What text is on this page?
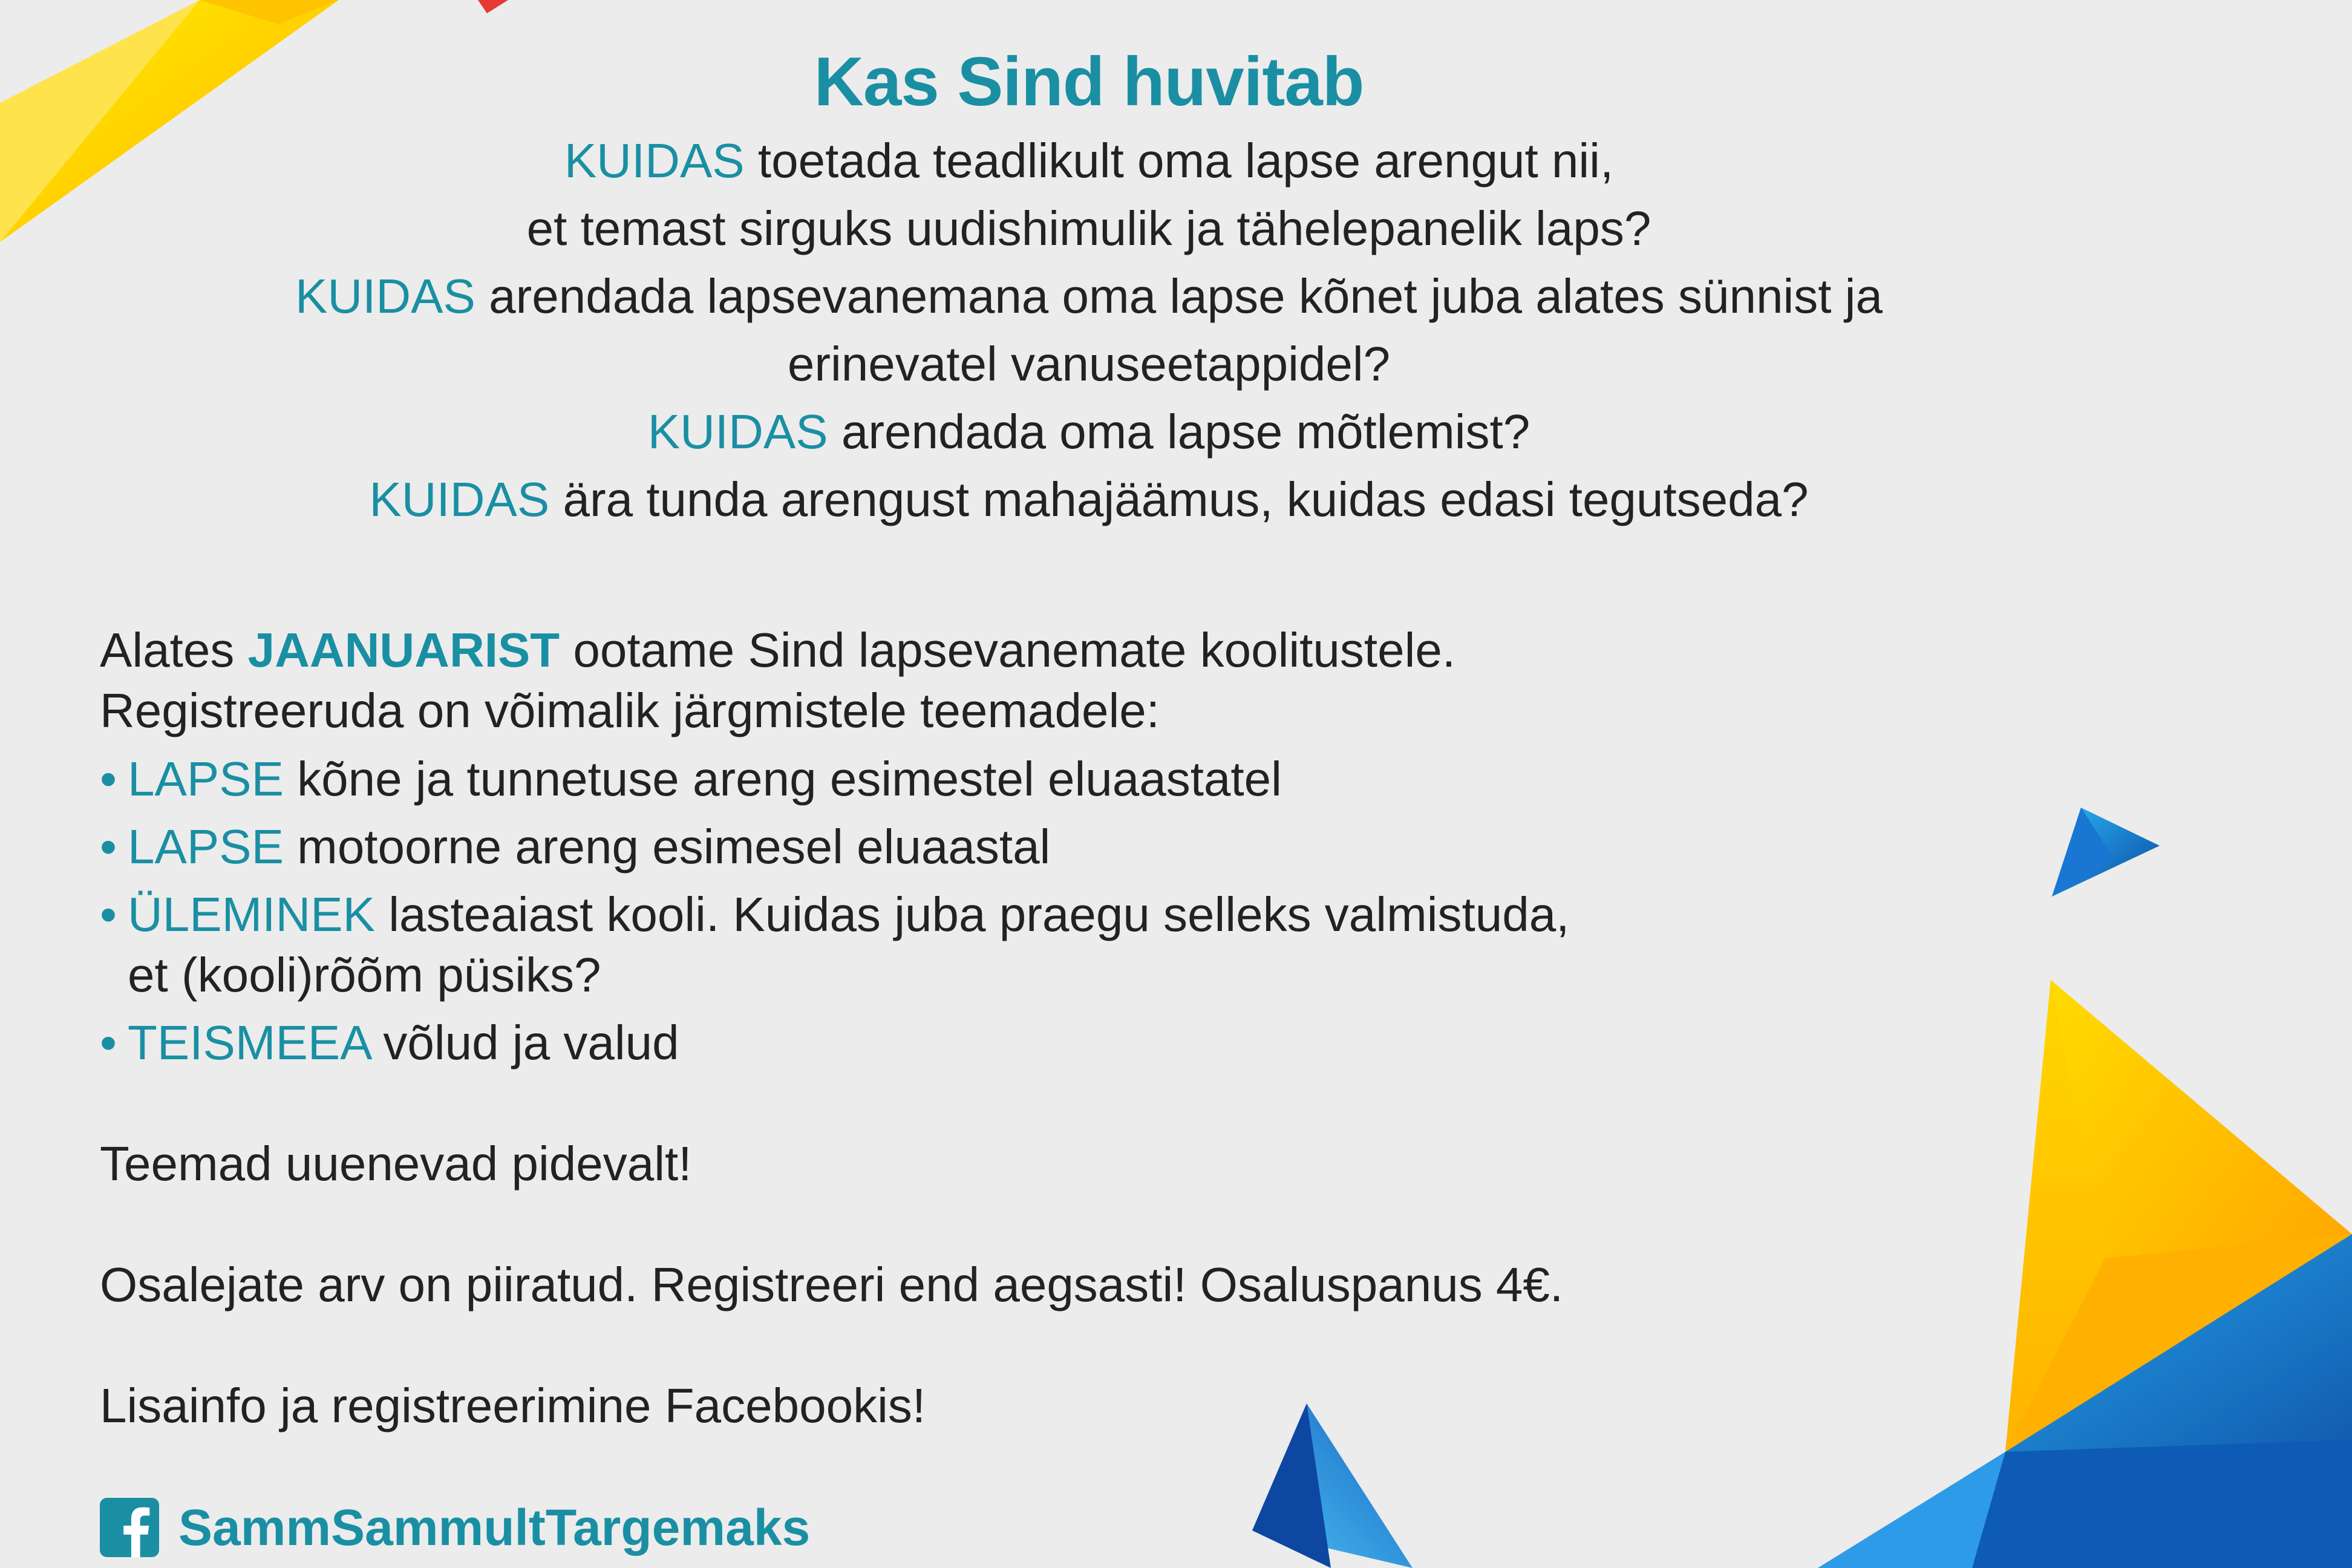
Kas Sind huvitab
KUIDAS toetada teadlikult oma lapse arengut nii,
et temast sirguks uudishimulik ja tähelepanelik laps?
KUIDAS arendada lapsevanemana oma lapse kõnet juba alates sünnist ja
erinevatel vanuseetappidel?
KUIDAS arendada oma lapse mõtlemist?
KUIDAS ära tunda arengust mahajäämus, kuidas edasi tegutseda?
Alates JAANUARIST ootame Sind lapsevanemate koolitustele.
Registreeruda on võimalik järgmistele teemadele:
• LAPSE kõne ja tunnetuse areng esimestel eluaastatel
• LAPSE motoorne areng esimesel eluaastal
• ÜLEMINEK lasteaiast kooli. Kuidas juba praegu selleks valmistuda,
et (kooli)rõõm püsiks?
• TEISMEEA võlud ja valud
Teemad uuenevad pidevalt!
Osalejate arv on piiratud. Registreeri end aegsasti! Osaluspanus 4€.
Lisainfo ja registreerimine Facebookis!
SammSammultTargemaks
